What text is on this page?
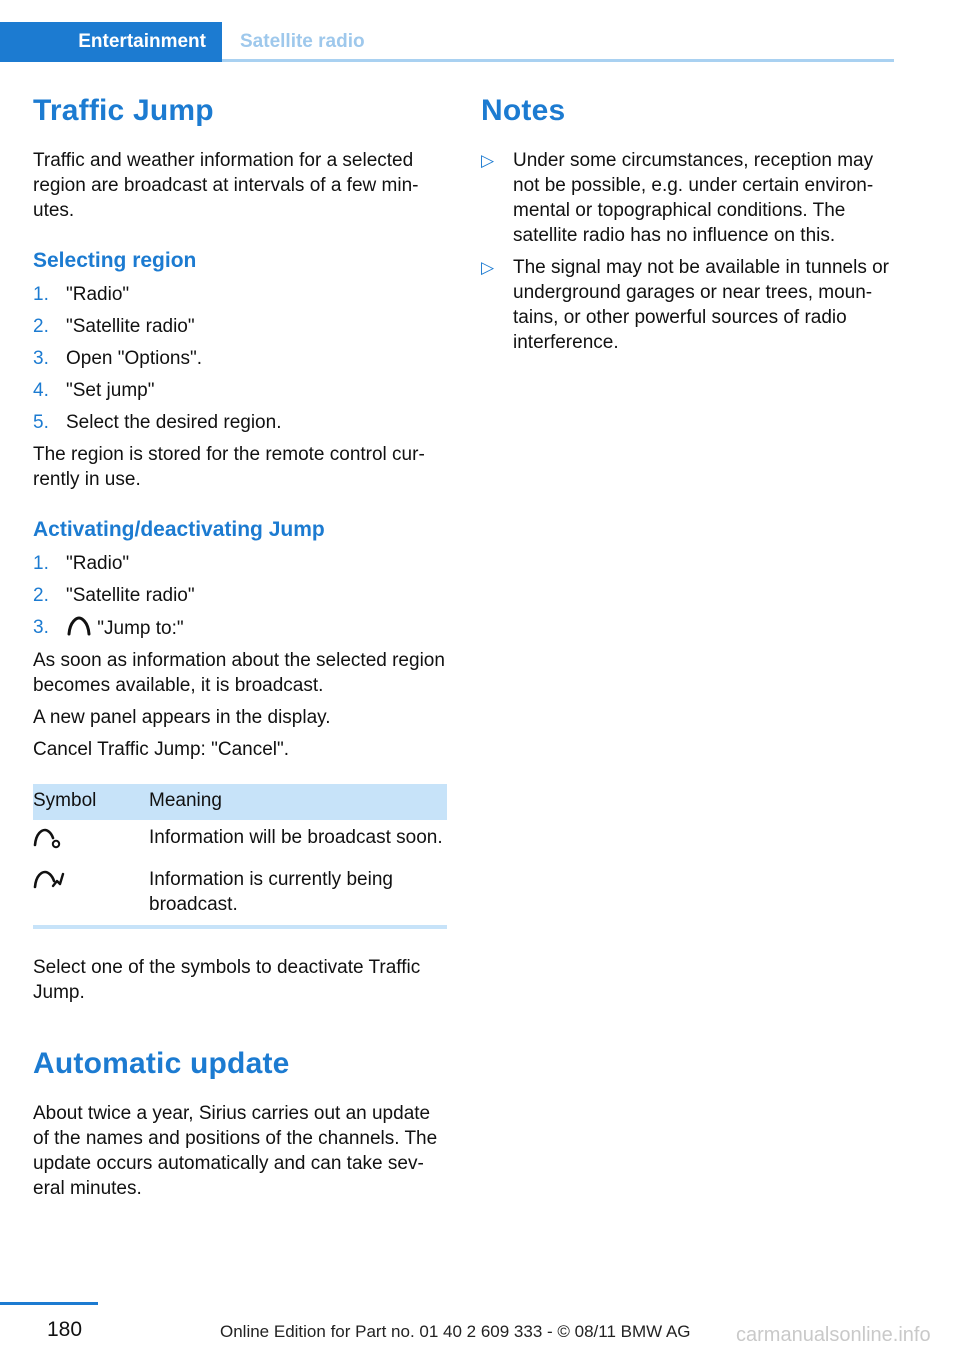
Entertainment	Satellite radio
Traffic Jump

Traffic and weather information for a selected region are broadcast at intervals of a few min-utes.

Selecting region
1. "Radio"
2. "Satellite radio"
3. Open "Options".
4. "Set jump"
5. Select the desired region.

The region is stored for the remote control cur-rently in use.

Activating/deactivating Jump
1. "Radio"
2. "Satellite radio"
3.	"Jump to:"

As soon as information about the selected region becomes available, it is broadcast.

A new panel appears in the display.

Cancel Traffic Jump: "Cancel".

Symbol	Meaning
	Information will be broadcast soon.
	Information is currently being broadcast.

Select one of the symbols to deactivate Traffic Jump.

Automatic update

About twice a year, Sirius carries out an update of the names and positions of the channels. The update occurs automatically and can take sev-eral minutes.

Notes
▷ Under some circumstances, reception may not be possible, e.g. under certain environ-mental or topographical conditions. The satellite radio has no influence on this.
▷ The signal may not be available in tunnels or underground garages or near trees, moun-tains, or other powerful sources of radio interference.
180	Online Edition for Part no. 01 40 2 609 333 - © 08/11 BMW AG carmanualsonline.info
